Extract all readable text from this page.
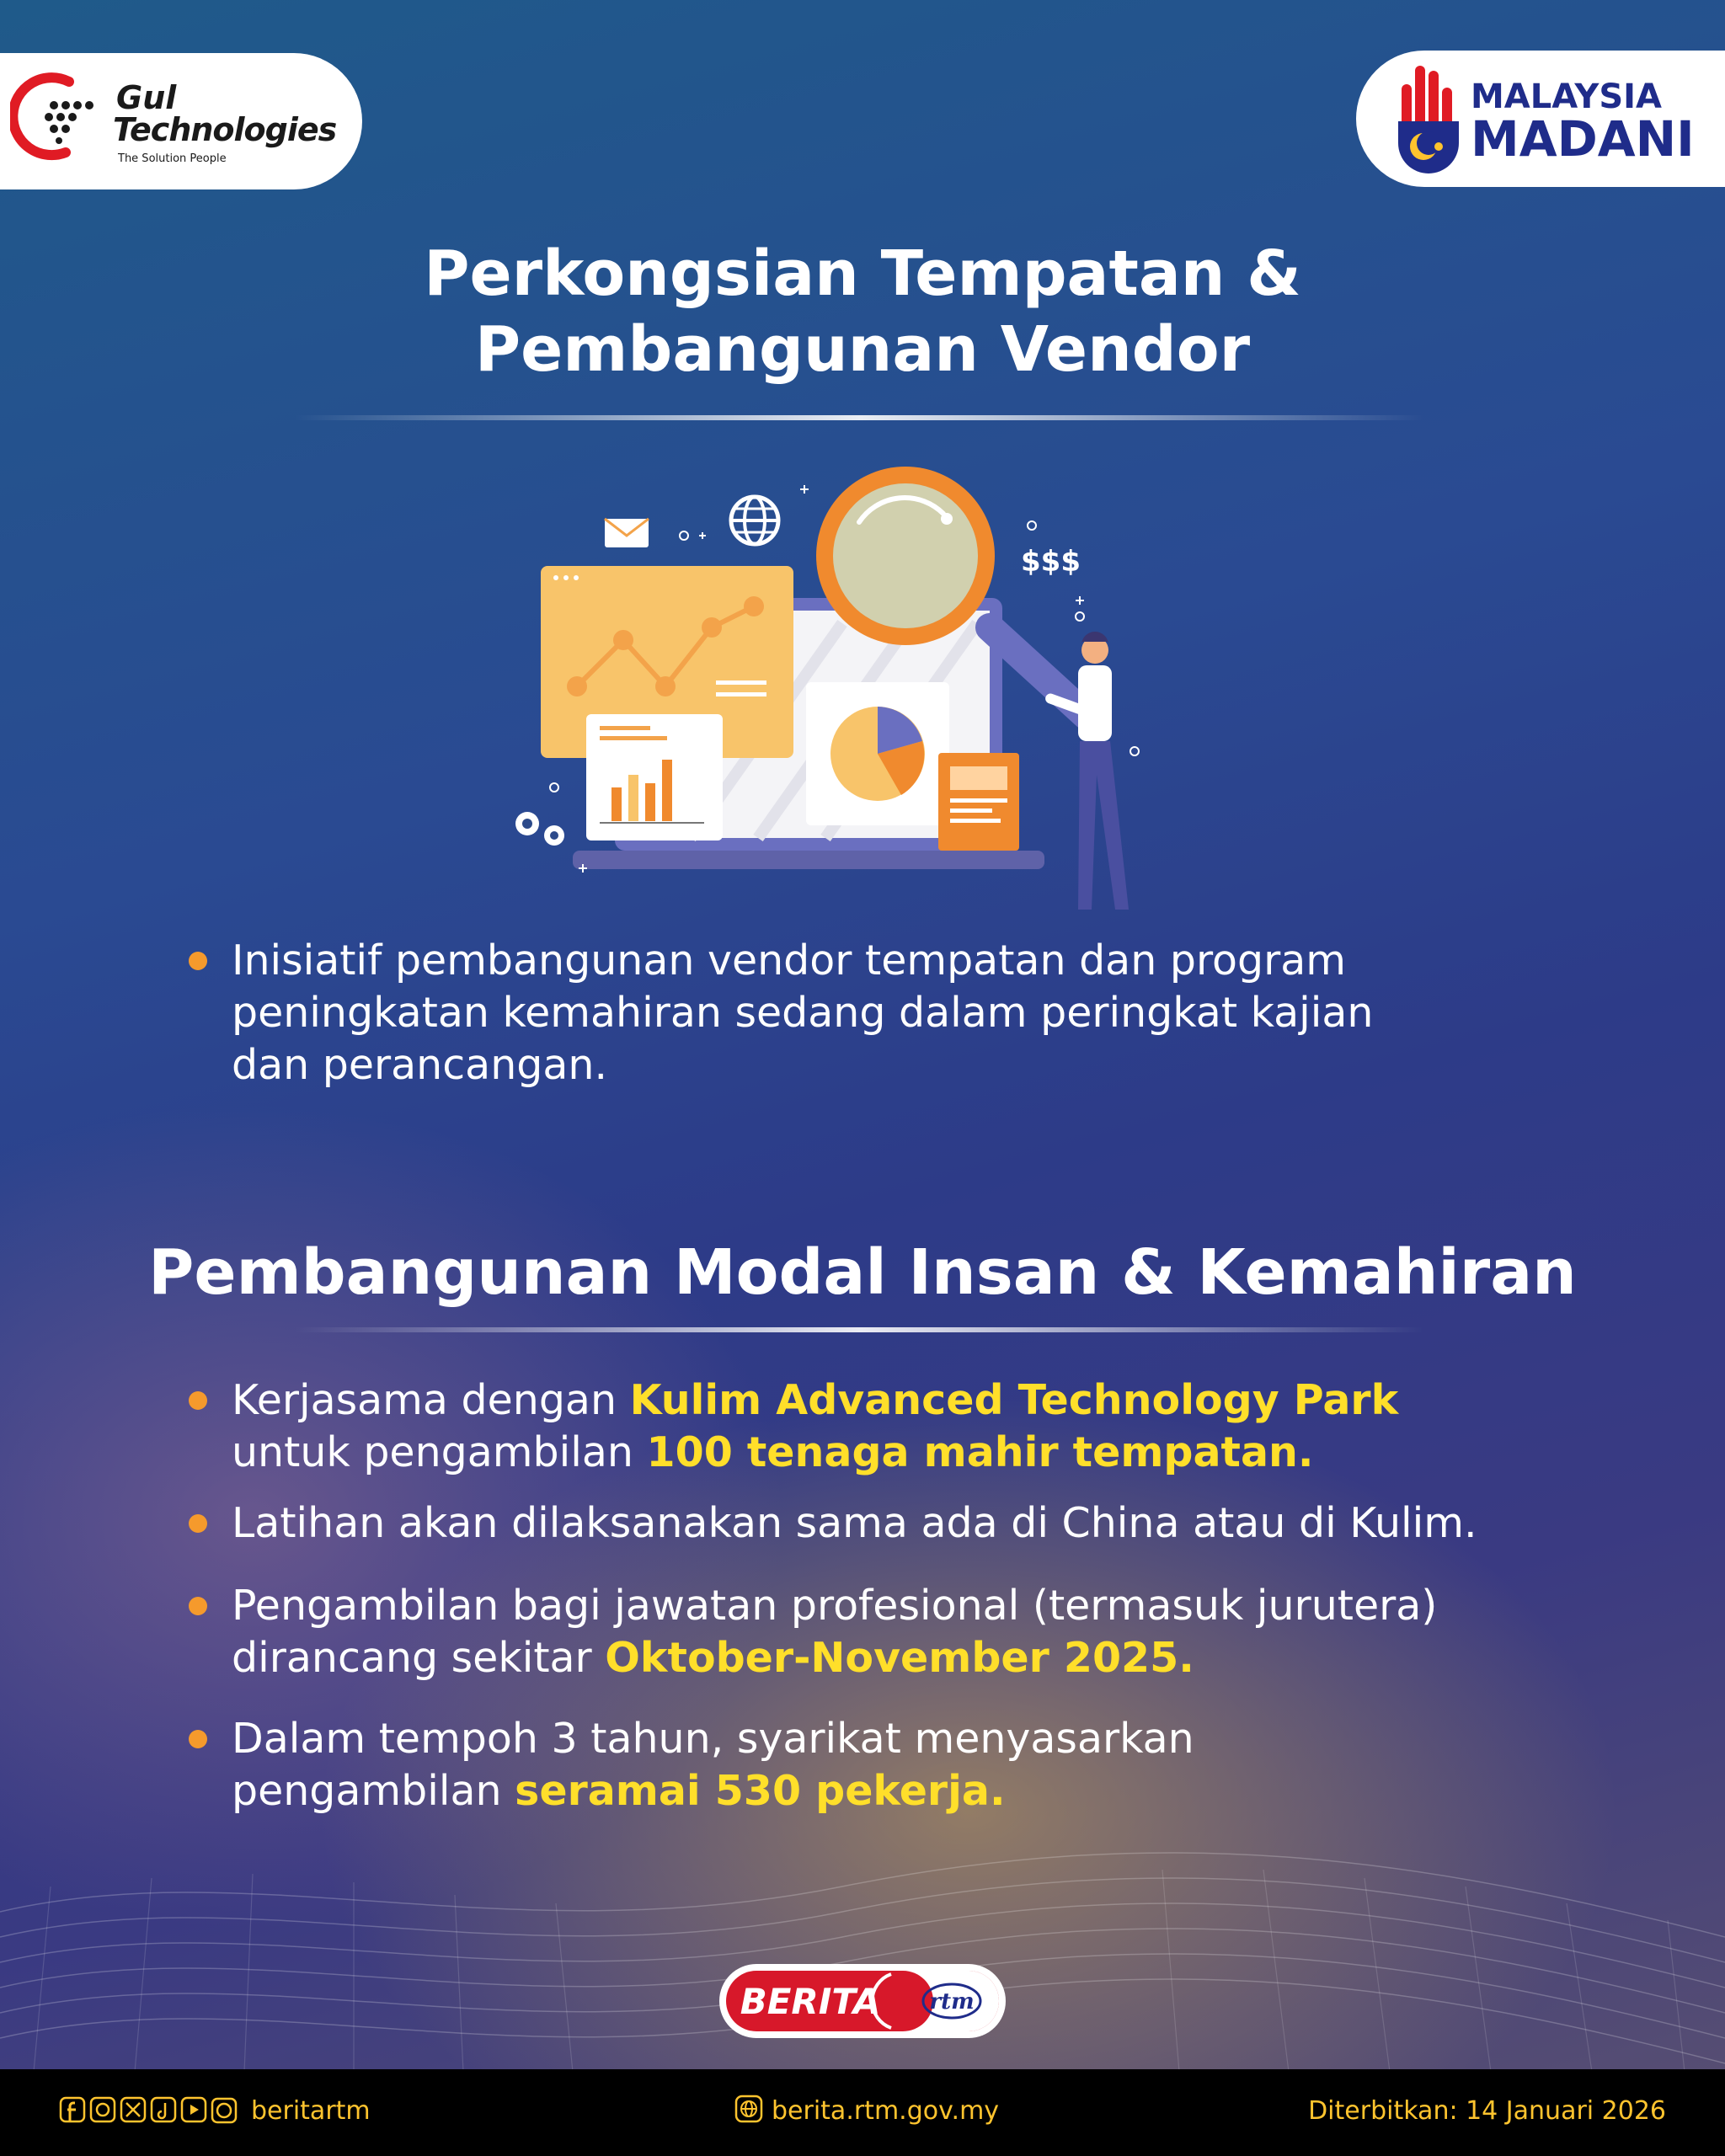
Gul
Technologies
The Solution People
MALAYSIA
MADANI
Perkongsian Tempatan &
Pembangunan Vendor
$$$
Inisiatif pembangunan vendor tempatan dan program
peningkatan kemahiran sedang dalam peringkat kajian
dan perancangan.
Pembangunan Modal Insan & Kemahiran
Kerjasama dengan Kulim Advanced Technology Park
untuk pengambilan 100 tenaga mahir tempatan.
Latihan akan dilaksanakan sama ada di China atau di Kulim.
Pengambilan bagi jawatan profesional (termasuk jurutera)
dirancang sekitar Oktober-November 2025.
Dalam tempoh 3 tahun, syarikat menyasarkan
pengambilan seramai 530 pekerja.
BERITA rtm
beritartm	berita.rtm.gov.my	Diterbitkan: 14 Januari 2026
